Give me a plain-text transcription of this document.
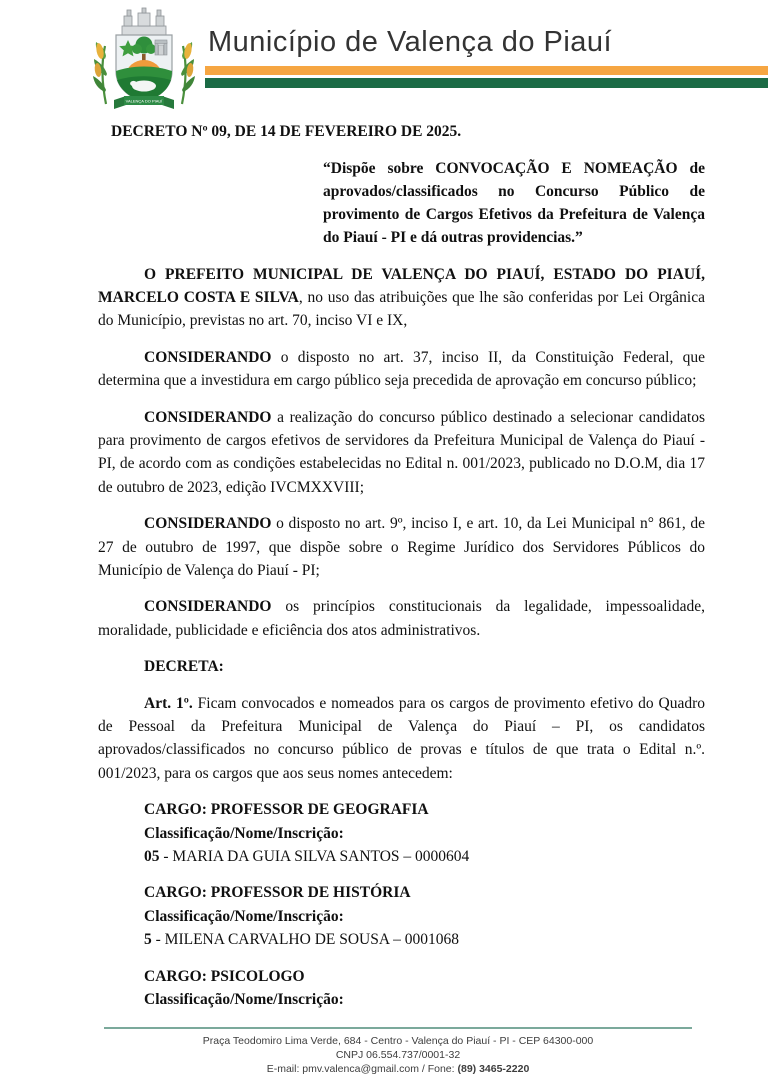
VALENÇA DO PIAUÍ
Município de Valença do Piauí

DECRETO Nº 09, DE 14 DE FEVEREIRO DE 2025.

“Dispõe sobre CONVOCAÇÃO E NOMEAÇÃO de aprovados/classificados no Concurso Público de provimento de Cargos Efetivos da Prefeitura de Valença do Piauí - PI e dá outras providencias.”

O PREFEITO MUNICIPAL DE VALENÇA DO PIAUÍ, ESTADO DO PIAUÍ, MARCELO COSTA E SILVA, no uso das atribuições que lhe são conferidas por Lei Orgânica do Município, previstas no art. 70, inciso VI e IX,

CONSIDERANDO o disposto no art. 37, inciso II, da Constituição Federal, que determina que a investidura em cargo público seja precedida de aprovação em concurso público;

CONSIDERANDO a realização do concurso público destinado a selecionar candidatos para provimento de cargos efetivos de servidores da Prefeitura Municipal de Valença do Piauí - PI, de acordo com as condições estabelecidas no Edital n. 001/2023, publicado no D.O.M, dia 17 de outubro de 2023, edição IVCMXXVIII;

CONSIDERANDO o disposto no art. 9º, inciso I, e art. 10, da Lei Municipal n° 861, de 27 de outubro de 1997, que dispõe sobre o Regime Jurídico dos Servidores Públicos do Município de Valença do Piauí - PI;

CONSIDERANDO os princípios constitucionais da legalidade, impessoalidade, moralidade, publicidade e eficiência dos atos administrativos.

DECRETA:

Art. 1º. Ficam convocados e nomeados para os cargos de provimento efetivo do Quadro de Pessoal da Prefeitura Municipal de Valença do Piauí – PI, os candidatos aprovados/classificados no concurso público de provas e títulos de que trata o Edital n.º. 001/2023, para os cargos que aos seus nomes antecedem:

CARGO: PROFESSOR DE GEOGRAFIA
Classificação/Nome/Inscrição:
05 - MARIA DA GUIA SILVA SANTOS – 0000604
CARGO: PROFESSOR DE HISTÓRIA
Classificação/Nome/Inscrição:
5 - MILENA CARVALHO DE SOUSA – 0001068
CARGO: PSICOLOGO
Classificação/Nome/Inscrição:
Praça Teodomiro Lima Verde, 684 - Centro - Valença do Piauí - PI - CEP 64300-000
CNPJ 06.554.737/0001-32
E-mail: pmv.valenca@gmail.com / Fone: (89) 3465-2220
